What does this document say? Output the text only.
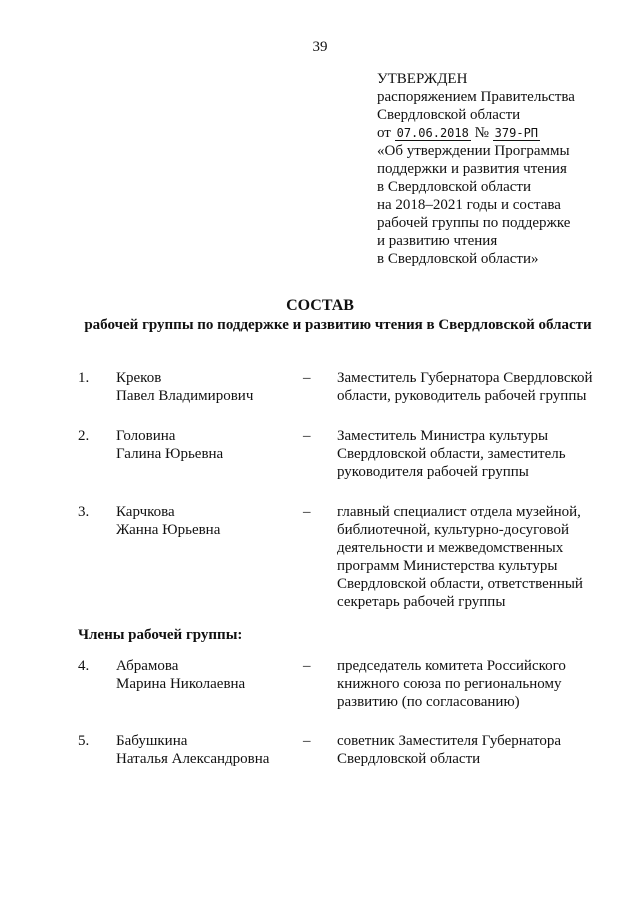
39
УТВЕРЖДЕН
распоряжением Правительства
Свердловской области
от 07.06.2018 № 379-РП
«Об утверждении Программы
поддержки и развития чтения
в Свердловской области
на 2018–2021 годы и состава
рабочей группы по поддержке
и развитию чтения
в Свердловской области»
СОСТАВ
рабочей группы по поддержке и развитию чтения в Свердловской области
1. Креков
Павел Владимирович
– Заместитель Губернатора Свердловской
области, руководитель рабочей группы
2. Головина
Галина Юрьевна
– Заместитель Министра культуры
Свердловской области, заместитель
руководителя рабочей группы
3. Карчкова
Жанна Юрьевна
– главный специалист отдела музейной,
библиотечной, культурно-досуговой
деятельности и межведомственных
программ Министерства культуры
Свердловской области, ответственный
секретарь рабочей группы
Члены рабочей группы:
4. Абрамова
Марина Николаевна
– председатель комитета Российского
книжного союза по региональному
развитию (по согласованию)
5. Бабушкина
Наталья Александровна
– советник Заместителя Губернатора
Свердловской области
